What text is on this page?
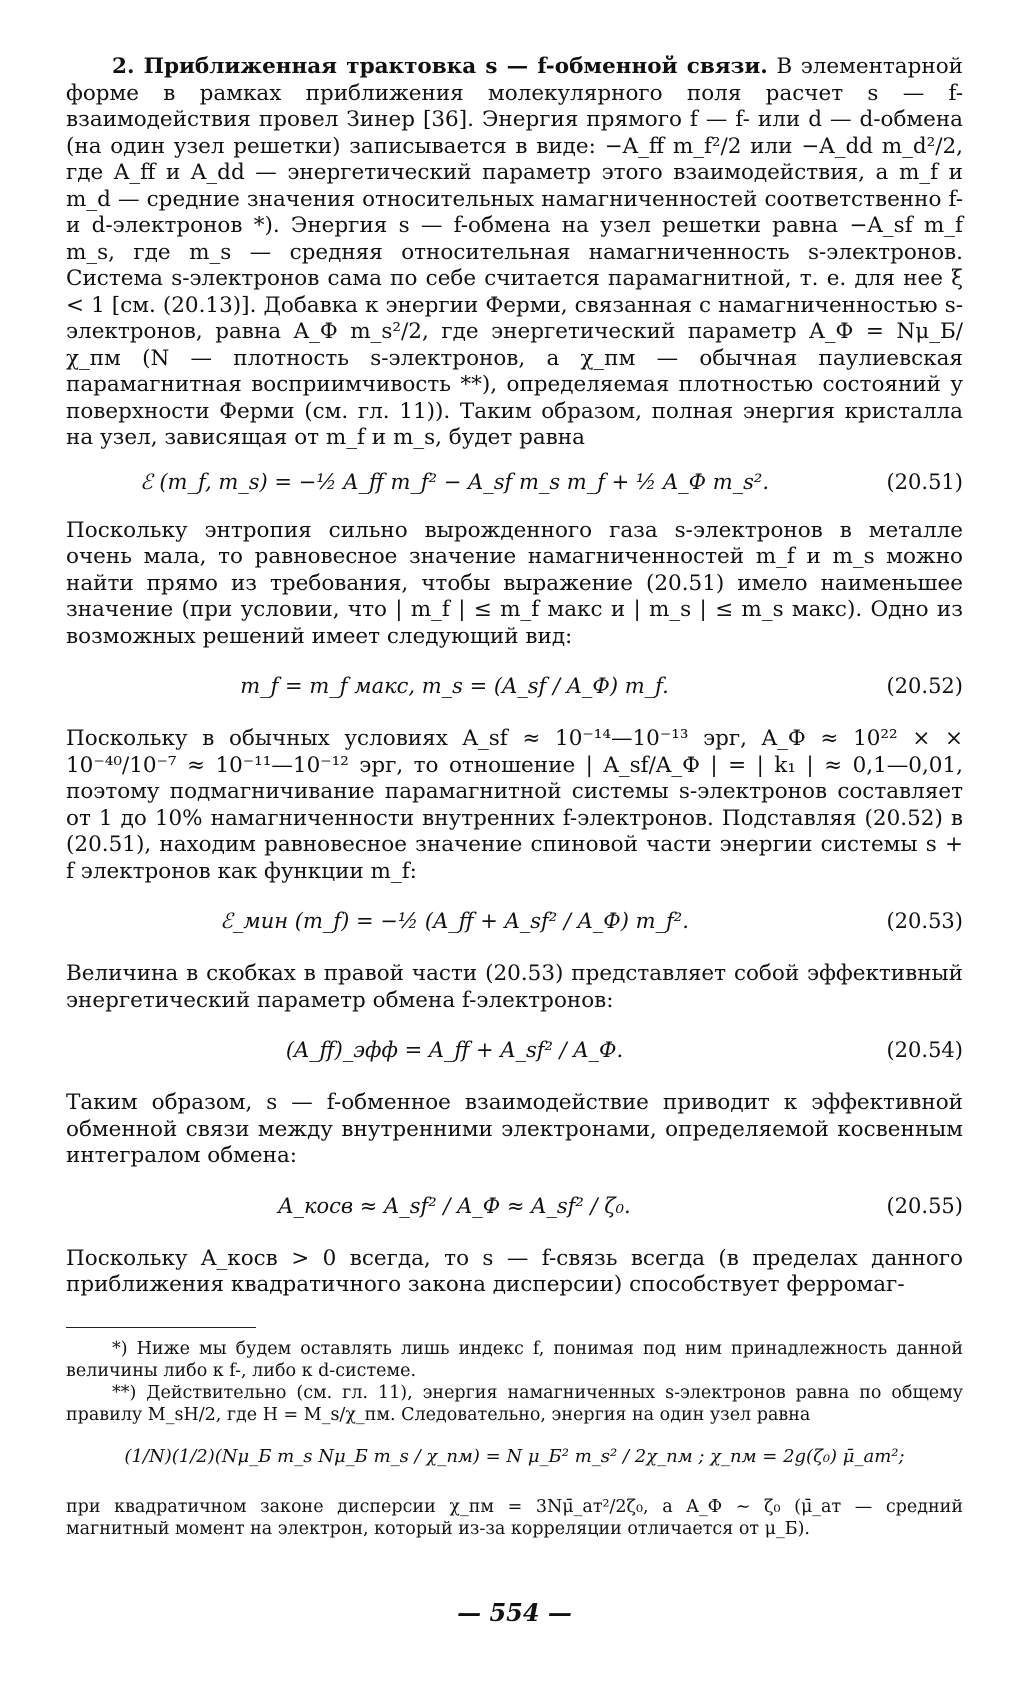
2. Приближенная трактовка s — f-обменной связи. В элементарной форме в рамках приближения молекулярного поля расчет s — f-взаимодействия провел Зинер [36]. Энергия прямого f — f- или d — d-обмена (на один узел решетки) записывается в виде: −A_ff m_f²/2 или −A_dd m_d²/2, где A_ff и A_dd — энергетический параметр этого взаимодействия, а m_f и m_d — средние значения относительных намагниченностей соответственно f- и d-электронов *). Энергия s — f-обмена на узел решетки равна −A_sf m_f m_s, где m_s — средняя относительная намагниченность s-электронов. Система s-электронов сама по себе считается парамагнитной, т. е. для нее ξ < 1 [см. (20.13)]. Добавка к энергии Ферми, связанная с намагниченностью s-электронов, равна A_Ф m_s²/2, где энергетический параметр A_Ф = Nμ_Б/χ_пм (N — плотность s-электронов, а χ_пм — обычная паулиевская парамагнитная восприимчивость **), определяемая плотностью состояний у поверхности Ферми (см. гл. 11)). Таким образом, полная энергия кристалла на узел, зависящая от m_f и m_s, будет равна

ℰ (m_f, m_s) = −½ A_ff m_f² − A_sf m_s m_f + ½ A_Ф m_s².	(20.51)

Поскольку энтропия сильно вырожденного газа s-электронов в металле очень мала, то равновесное значение намагниченностей m_f и m_s можно найти прямо из требования, чтобы выражение (20.51) имело наименьшее значение (при условии, что | m_f | ≤ m_f макс и | m_s | ≤ m_s макс). Одно из возможных решений имеет следующий вид:

m_f = m_f макс, m_s = (A_sf / A_Ф) m_f.	(20.52)

Поскольку в обычных условиях A_sf ≈ 10⁻¹⁴—10⁻¹³ эрг, A_Ф ≈ 10²² × × 10⁻⁴⁰/10⁻⁷ ≈ 10⁻¹¹—10⁻¹² эрг, то отношение | A_sf/A_Ф | = | k₁ | ≈ 0,1—0,01, поэтому подмагничивание парамагнитной системы s-электронов составляет от 1 до 10% намагниченности внутренних f-электронов. Подставляя (20.52) в (20.51), находим равновесное значение спиновой части энергии системы s + f электронов как функции m_f:

ℰ_мин (m_f) = −½ (A_ff + A_sf² / A_Ф) m_f².	(20.53)

Величина в скобках в правой части (20.53) представляет собой эффективный энергетический параметр обмена f-электронов:

(A_ff)_эфф = A_ff + A_sf² / A_Ф.	(20.54)

Таким образом, s — f-обменное взаимодействие приводит к эффективной обменной связи между внутренними электронами, определяемой косвенным интегралом обмена:

A_косв ≈ A_sf² / A_Ф ≈ A_sf² / ζ₀.	(20.55)

Поскольку A_косв > 0 всегда, то s — f-связь всегда (в пределах данного приближения квадратичного закона дисперсии) способствует ферромаг-

*) Ниже мы будем оставлять лишь индекс f, понимая под ним принадлежность данной величины либо к f-, либо к d-системе.

**) Действительно (см. гл. 11), энергия намагниченных s-электронов равна по общему правилу M_sH/2, где H = M_s/χ_пм. Следовательно, энергия на один узел равна

(1/N)(1/2)(Nμ_Б m_s Nμ_Б m_s / χ_пм) = N μ_Б² m_s² / 2χ_пм ; χ_пм = 2g(ζ₀) μ̄_ат²;

при квадратичном законе дисперсии χ_пм = 3Nμ̄_ат²/2ζ₀, а A_Ф ∼ ζ₀ (μ̄_ат — средний магнитный момент на электрон, который из-за корреляции отличается от μ_Б).

— 554 —
